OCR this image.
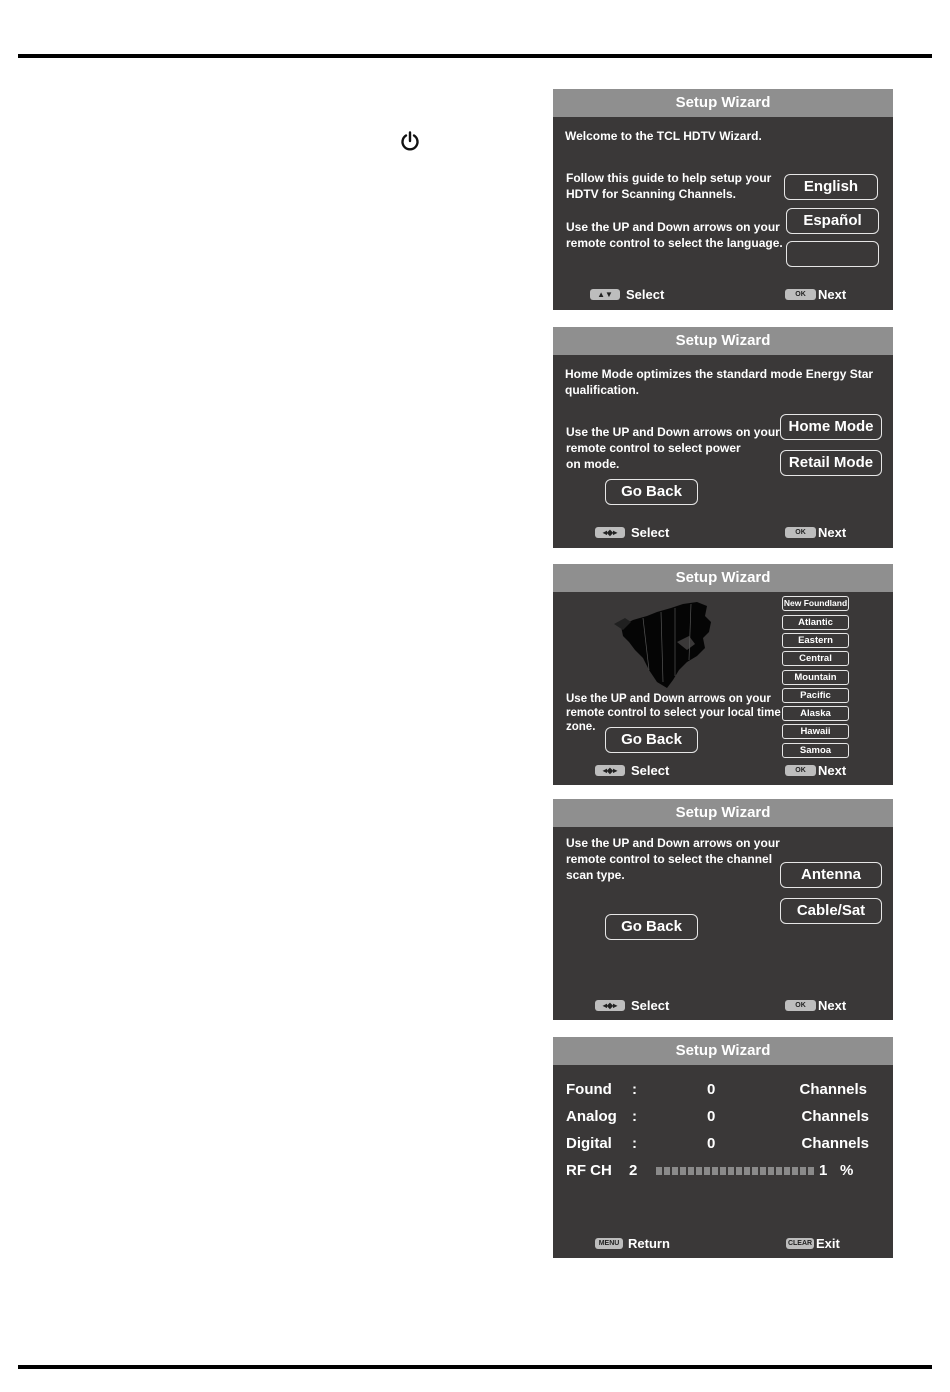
Setup Wizard
Welcome to the TCL HDTV Wizard.
Follow this guide to help setup your
HDTV for Scanning Channels.
Use the UP and Down arrows on your
remote control to select the language.
English
Español
▲▼	Select	OK Next
Setup Wizard
Home Mode optimizes the standard mode Energy Star
qualification.
Use the UP and Down arrows on your
remote control to select power
on mode.
Home Mode
Retail Mode
Go Back
◂◆▸	Select	OK Next
Setup Wizard
Use the UP and Down arrows on your
remote control to select your local time
zone.
New Foundland
Atlantic
Eastern
Central
Mountain
Pacific
Alaska
Hawaii
Samoa
Go Back
◂◆▸	Select	OK Next
Setup Wizard
Use the UP and Down arrows on your
remote control to select the channel
scan type.	Antenna
Cable/Sat
Go Back
◂◆▸	Select	OK Next
Setup Wizard
Found :	0	Channels
Analog :	0	Channels
Digital :	0	Channels
RF CH 2	1 %
MENU Return	CLEAR Exit
